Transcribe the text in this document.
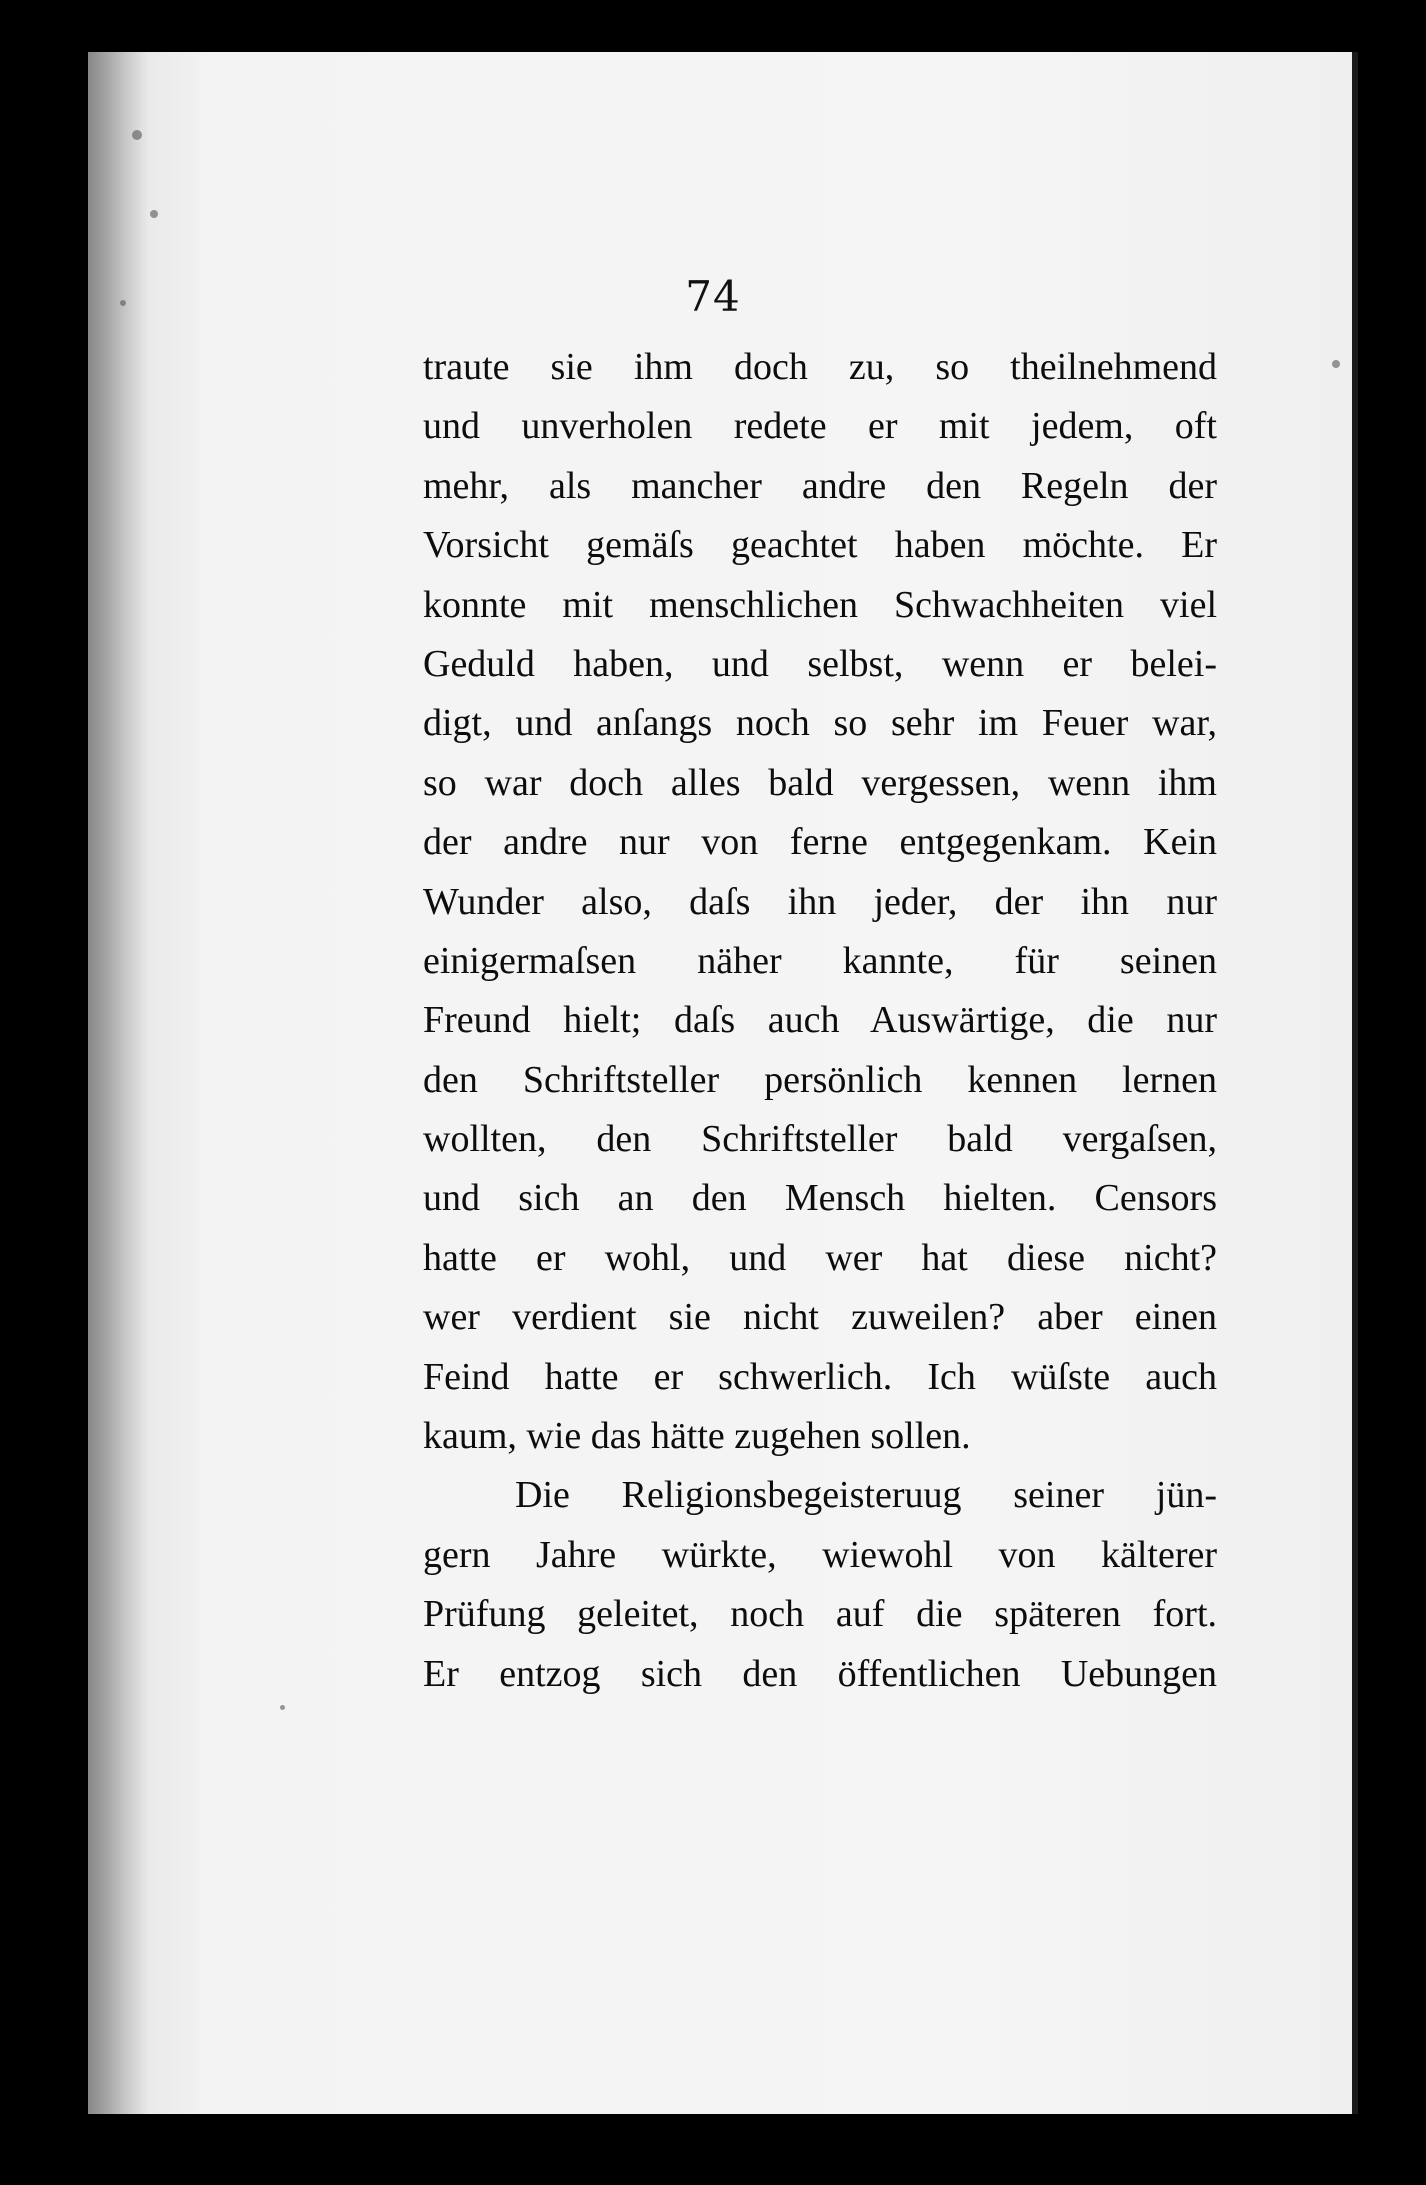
74
traute sie ihm doch zu, so theilnehmend
und unverholen redete er mit jedem, oft
mehr, als mancher andre den Regeln der
Vorsicht gemäſs geachtet haben möchte. Er
konnte mit menschlichen Schwachheiten viel
Geduld haben, und selbst, wenn er belei-
digt, und anſangs noch so sehr im Feuer war,
so war doch alles bald vergessen, wenn ihm
der andre nur von ferne entgegenkam. Kein
Wunder also, daſs ihn jeder, der ihn nur
einigermaſsen näher kannte, für seinen
Freund hielt; daſs auch Auswärtige, die nur
den Schriftsteller persönlich kennen lernen
wollten, den Schriftsteller bald vergaſsen,
und sich an den Mensch hielten. Censors
hatte er wohl, und wer hat diese nicht?
wer verdient sie nicht zuweilen? aber einen
Feind hatte er schwerlich. Ich wüſste auch
kaum, wie das hätte zugehen sollen.
Die Religionsbegeisteruug seiner jün-
gern Jahre würkte, wiewohl von kälterer
Prüfung geleitet, noch auf die späteren fort.
Er entzog sich den öffentlichen Uebungen
